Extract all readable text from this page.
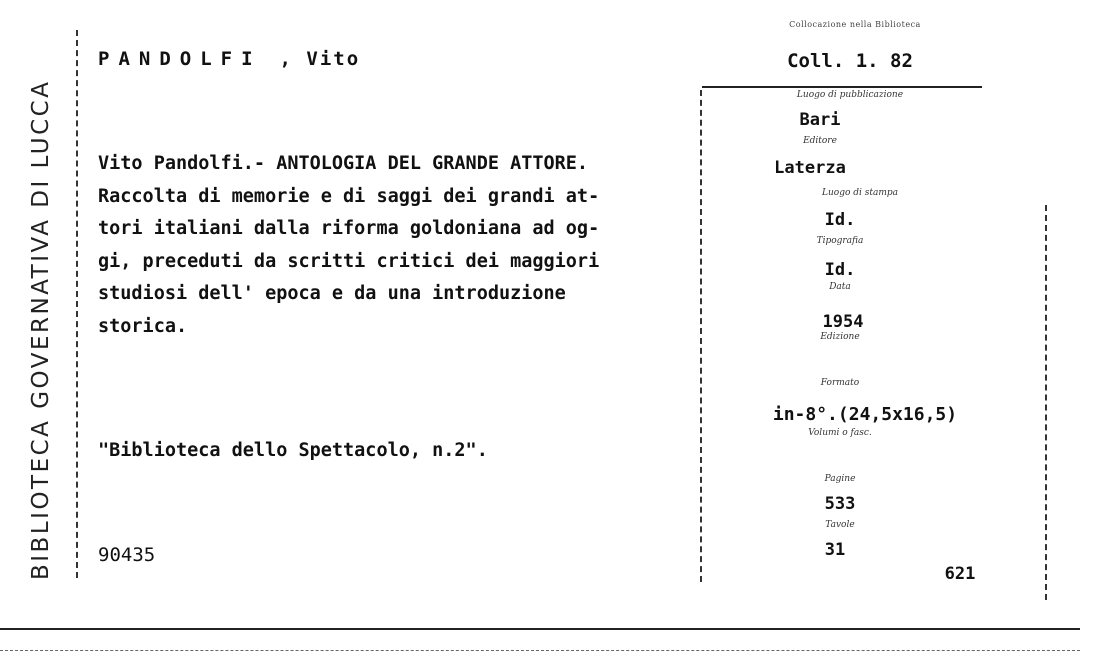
BIBLIOTECA GOVERNATIVA DI LUCCA
PANDOLFI , Vito
Vito Pandolfi.- ANTOLOGIA DEL GRANDE ATTORE.
Raccolta di memorie e di saggi dei grandi at-
tori italiani dalla riforma goldoniana ad og-
gi, preceduti da scritti critici dei maggiori
studiosi dell' epoca e da una introduzione
storica.
"Biblioteca dello Spettacolo, n.2".
90435
Collocazione nella Biblioteca
Coll. 1. 82
Luogo di pubblicazione
Bari
Editore
Laterza
Luogo di stampa
Id.
Tipografia
Id.
Data
1954
Edizione
Formato
in-8°.(24,5x16,5)
Volumi o fasc.
Pagine
533
Tavole
31
621
